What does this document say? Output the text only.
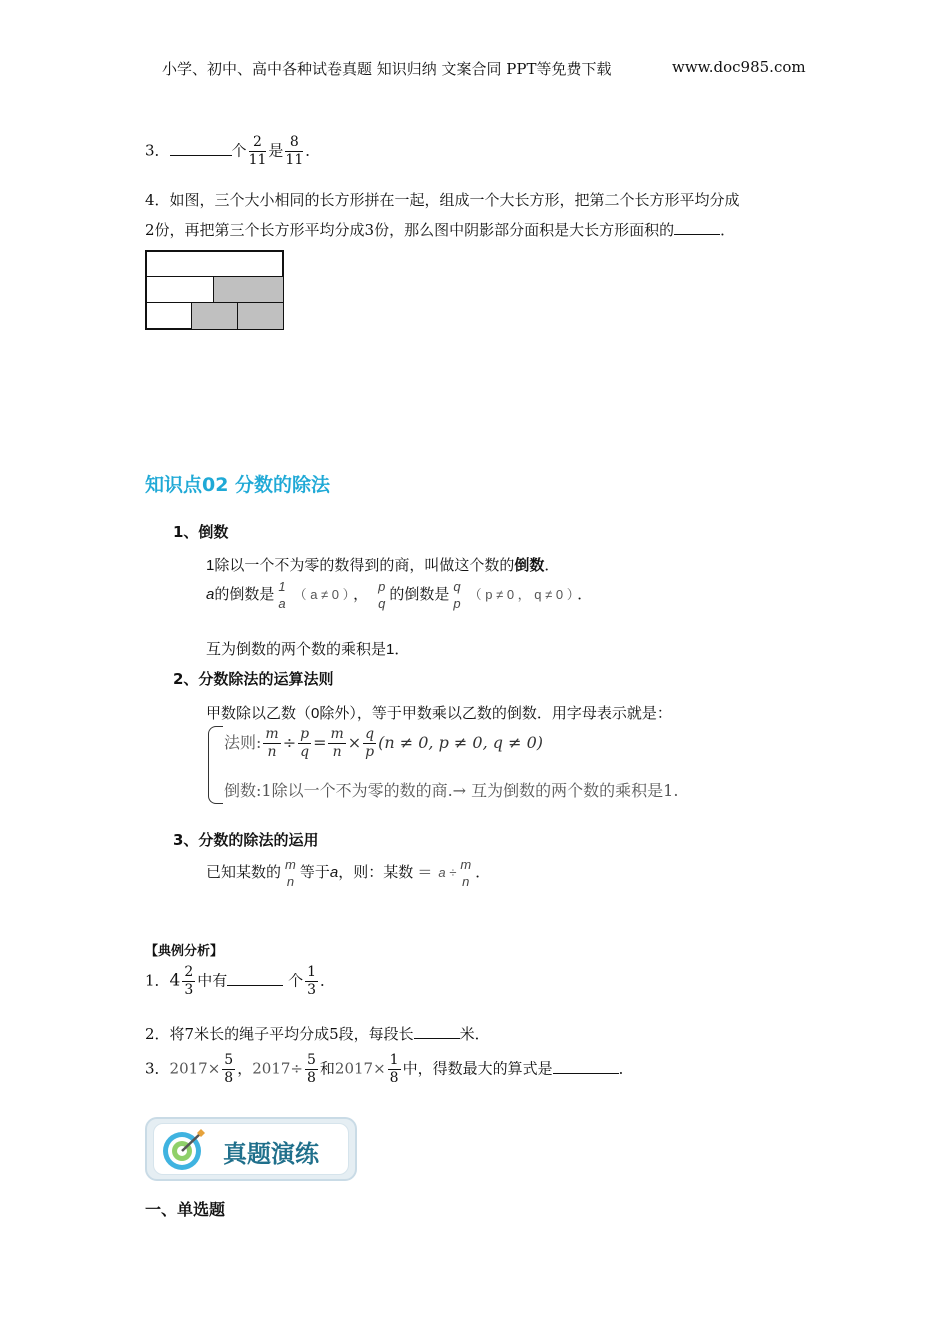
小学、初中、高中各种试卷真题 知识归纳 文案合同 PPT等免费下载	www.doc985.com
3．	个 $\frac{2}{11}$ 是 $\frac{8}{11}$ ．
4．如图，三个大小相同的长方形拼在一起，组成一个大长方形，把第二个长方形平均分成
2份，再把第三个长方形平均分成3份，那么图中阴影部分面积是大长方形面积的	．
知识点02 分数的除法
1、倒数
1除以一个不为零的数得到的商，叫做这个数的倒数．
a的倒数是 1
a
（ a ≠ 0 ） ， p
q
的倒数是 q
p
（ p ≠ 0 ， q ≠ 0 ） ．
互为倒数的两个数的乘积是1．
2、分数除法的运算法则
甲数除以乙数（0除外），等于甲数乘以乙数的倒数．用字母表示就是：
法则: $\frac{m}{n} \div \frac{p}{q} = \frac{m}{n} \times \frac{q}{p} (n \ne 0$, p ≠ 0, q ≠ 0)
倒数:1除以一个不为零的数的商.→ 互为倒数的两个数的乘积是1.
3、分数的除法的运用
已知某数的 m
n
等于a，则：某数 ＝ a ÷
m
n
．
【典例分析】
1．$4 \frac{2}{3}$ 中有	个 $\frac{1}{3}$ ．
2．将7米长的绳子平均分成5段，每段长	米．
3．$2017\times \frac{5}{8}$ ，$2017\div \frac{5}{8}$ 和$2017\times \frac{1}{8}$ 中，得数最大的算式是	．
真题演练
一、单选题
